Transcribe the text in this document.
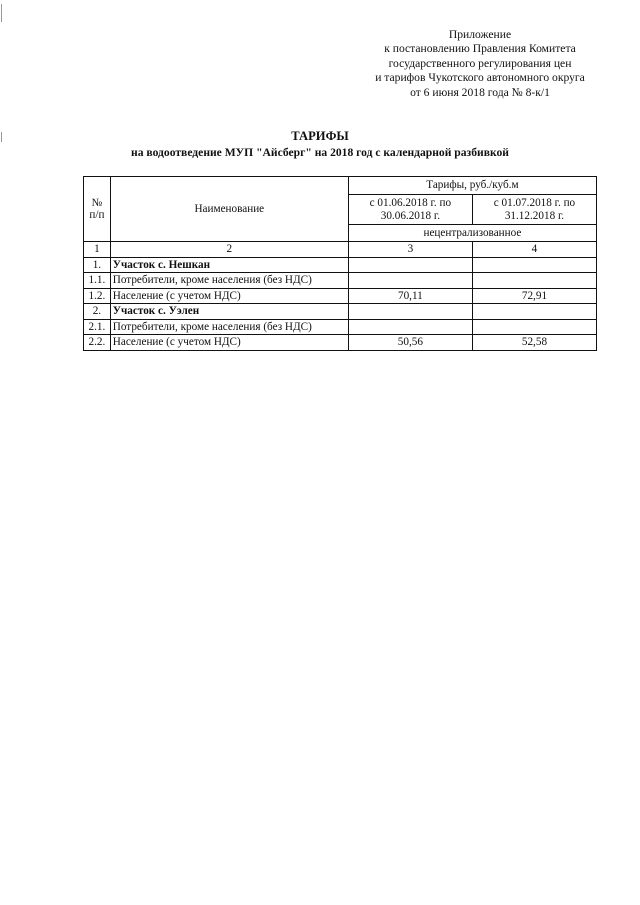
Приложение
к постановлению Правления Комитета
государственного регулирования цен
и тарифов Чукотского автономного округа
от 6 июня 2018 года № 8-к/1
ТАРИФЫ
на водоотведение МУП "Айсберг" на 2018 год с календарной разбивкой
№ п/п	Наименование	Тарифы, руб./куб.м	
		с 01.06.2018 г. по 30.06.2018 г.	с 01.07.2018 г. по 31.12.2018 г.
		нецентрализованное	
1	2	3	4
1.	Участок с. Нешкан		
1.1.	Потребители, кроме населения (без НДС)		
1.2.	Население (с учетом НДС)	70,11	72,91
2.	Участок с. Уэлен		
2.1.	Потребители, кроме населения (без НДС)		
2.2.	Население (с учетом НДС)	50,56	52,58
